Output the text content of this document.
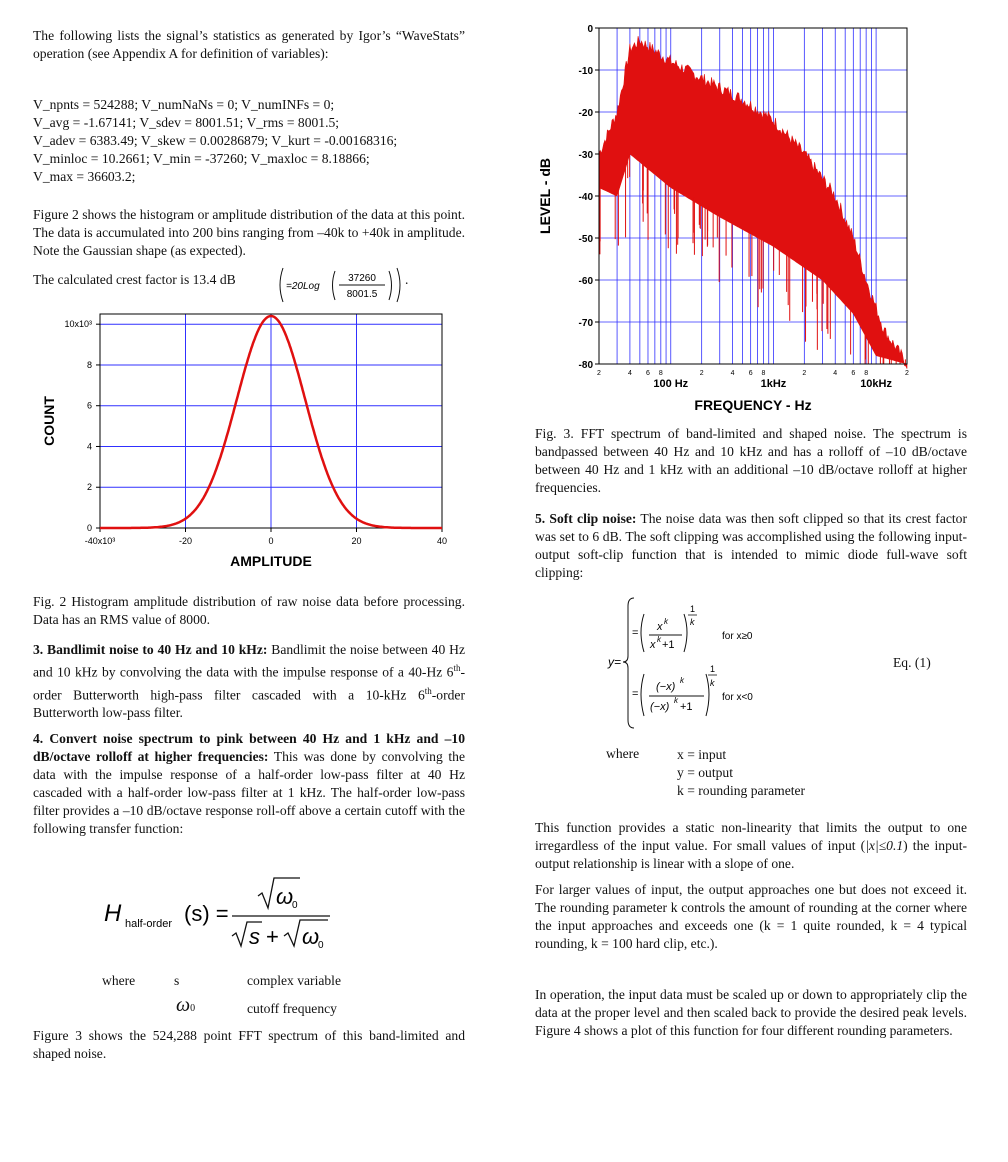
The following lists the signal’s statistics as generated by Igor’s “WaveStats” operation (see Appendix A for definition of variables):

V_npnts = 524288; V_numNaNs = 0; V_numINFs = 0;
V_avg = -1.67141; V_sdev = 8001.51; V_rms = 8001.5;
V_adev = 6383.49; V_skew = 0.00286879; V_kurt = -0.00168316;
V_minloc = 10.2661; V_min = -37260; V_maxloc = 8.18866;
V_max = 36603.2;

Figure 2 shows the histogram or amplitude distribution of the data at this point. The data is accumulated into 200 bins ranging from –40k to +40k in amplitude. Note the Gaussian shape (as expected).

The calculated crest factor is 13.4 dB	=20Log
37260
8001.5
.
0
2
4
6
8
10x10³
-40x10³	-20	0	20	40
AMPLITUDE
COUNT

Fig. 2 Histogram amplitude distribution of raw noise data before processing. Data has an RMS value of 8000.

3. Bandlimit noise to 40 Hz and 10 kHz: Bandlimit the noise between 40 Hz and 10 kHz by convolving the data with the impulse response of a 40-Hz 6th-order Butterworth high-pass filter cascaded with a 10-kHz 6th-order Butterworth low-pass filter.

4. Convert noise spectrum to pink between 40 Hz and 1 kHz and –10 dB/octave rolloff at higher frequencies: This was done by convolving the data with the impulse response of a half-order low-pass filter at 40 Hz cascaded with a half-order low-pass filter at 1 kHz. The half-order low-pass filter provides a –10 dB/octave response roll-off above a certain cutoff with the following transfer function:

H half-order (s) =
ω
0
s + ω
0
where	s	complex variable
ω0	cutoff frequency

Figure 3 shows the 524,288 point FFT spectrum of this band-limited and shaped noise.

0
-10
-20
-30
-40
-50
-60
-70
-80
2	4 6 8	2	4 6 8	2	4 6 8	2
100 Hz	1kHz	10kHz
FREQUENCY - Hz
LEVEL - dB

Fig. 3. FFT spectrum of band-limited and shaped noise. The spectrum is bandpassed between 40 Hz and 10 kHz and has a rolloff of –10 dB/octave between 40 Hz and 1 kHz with an additional –10 dB/octave rolloff at higher frequencies.

5. Soft clip noise: The noise data was then soft clipped so that its crest factor was set to 6 dB. The soft clipping was accomplished using the following input-output soft-clip function that is intended to mimic diode full-wave soft clipping:

y=
= x k
x k +1
1
k
for x≥0
=
(−x)
k
(−x)
k
+1
1
k
for x<0
Eq. (1)
where	x = input
y = output
k = rounding parameter

This function provides a static non-linearity that limits the output to one irregardless of the input value. For small values of input (|x|≤0.1) the input-output relationship is linear with a slope of one.

For larger values of input, the output approaches one but does not exceed it. The rounding parameter k controls the amount of rounding at the corner where the input approaches and exceeds one (k = 1 quite rounded, k = 4 typical rounding, k = 100 hard clip, etc.).

In operation, the input data must be scaled up or down to appropriately clip the data at the proper level and then scaled back to provide the desired peak levels. Figure 4 shows a plot of this function for four different rounding parameters.
